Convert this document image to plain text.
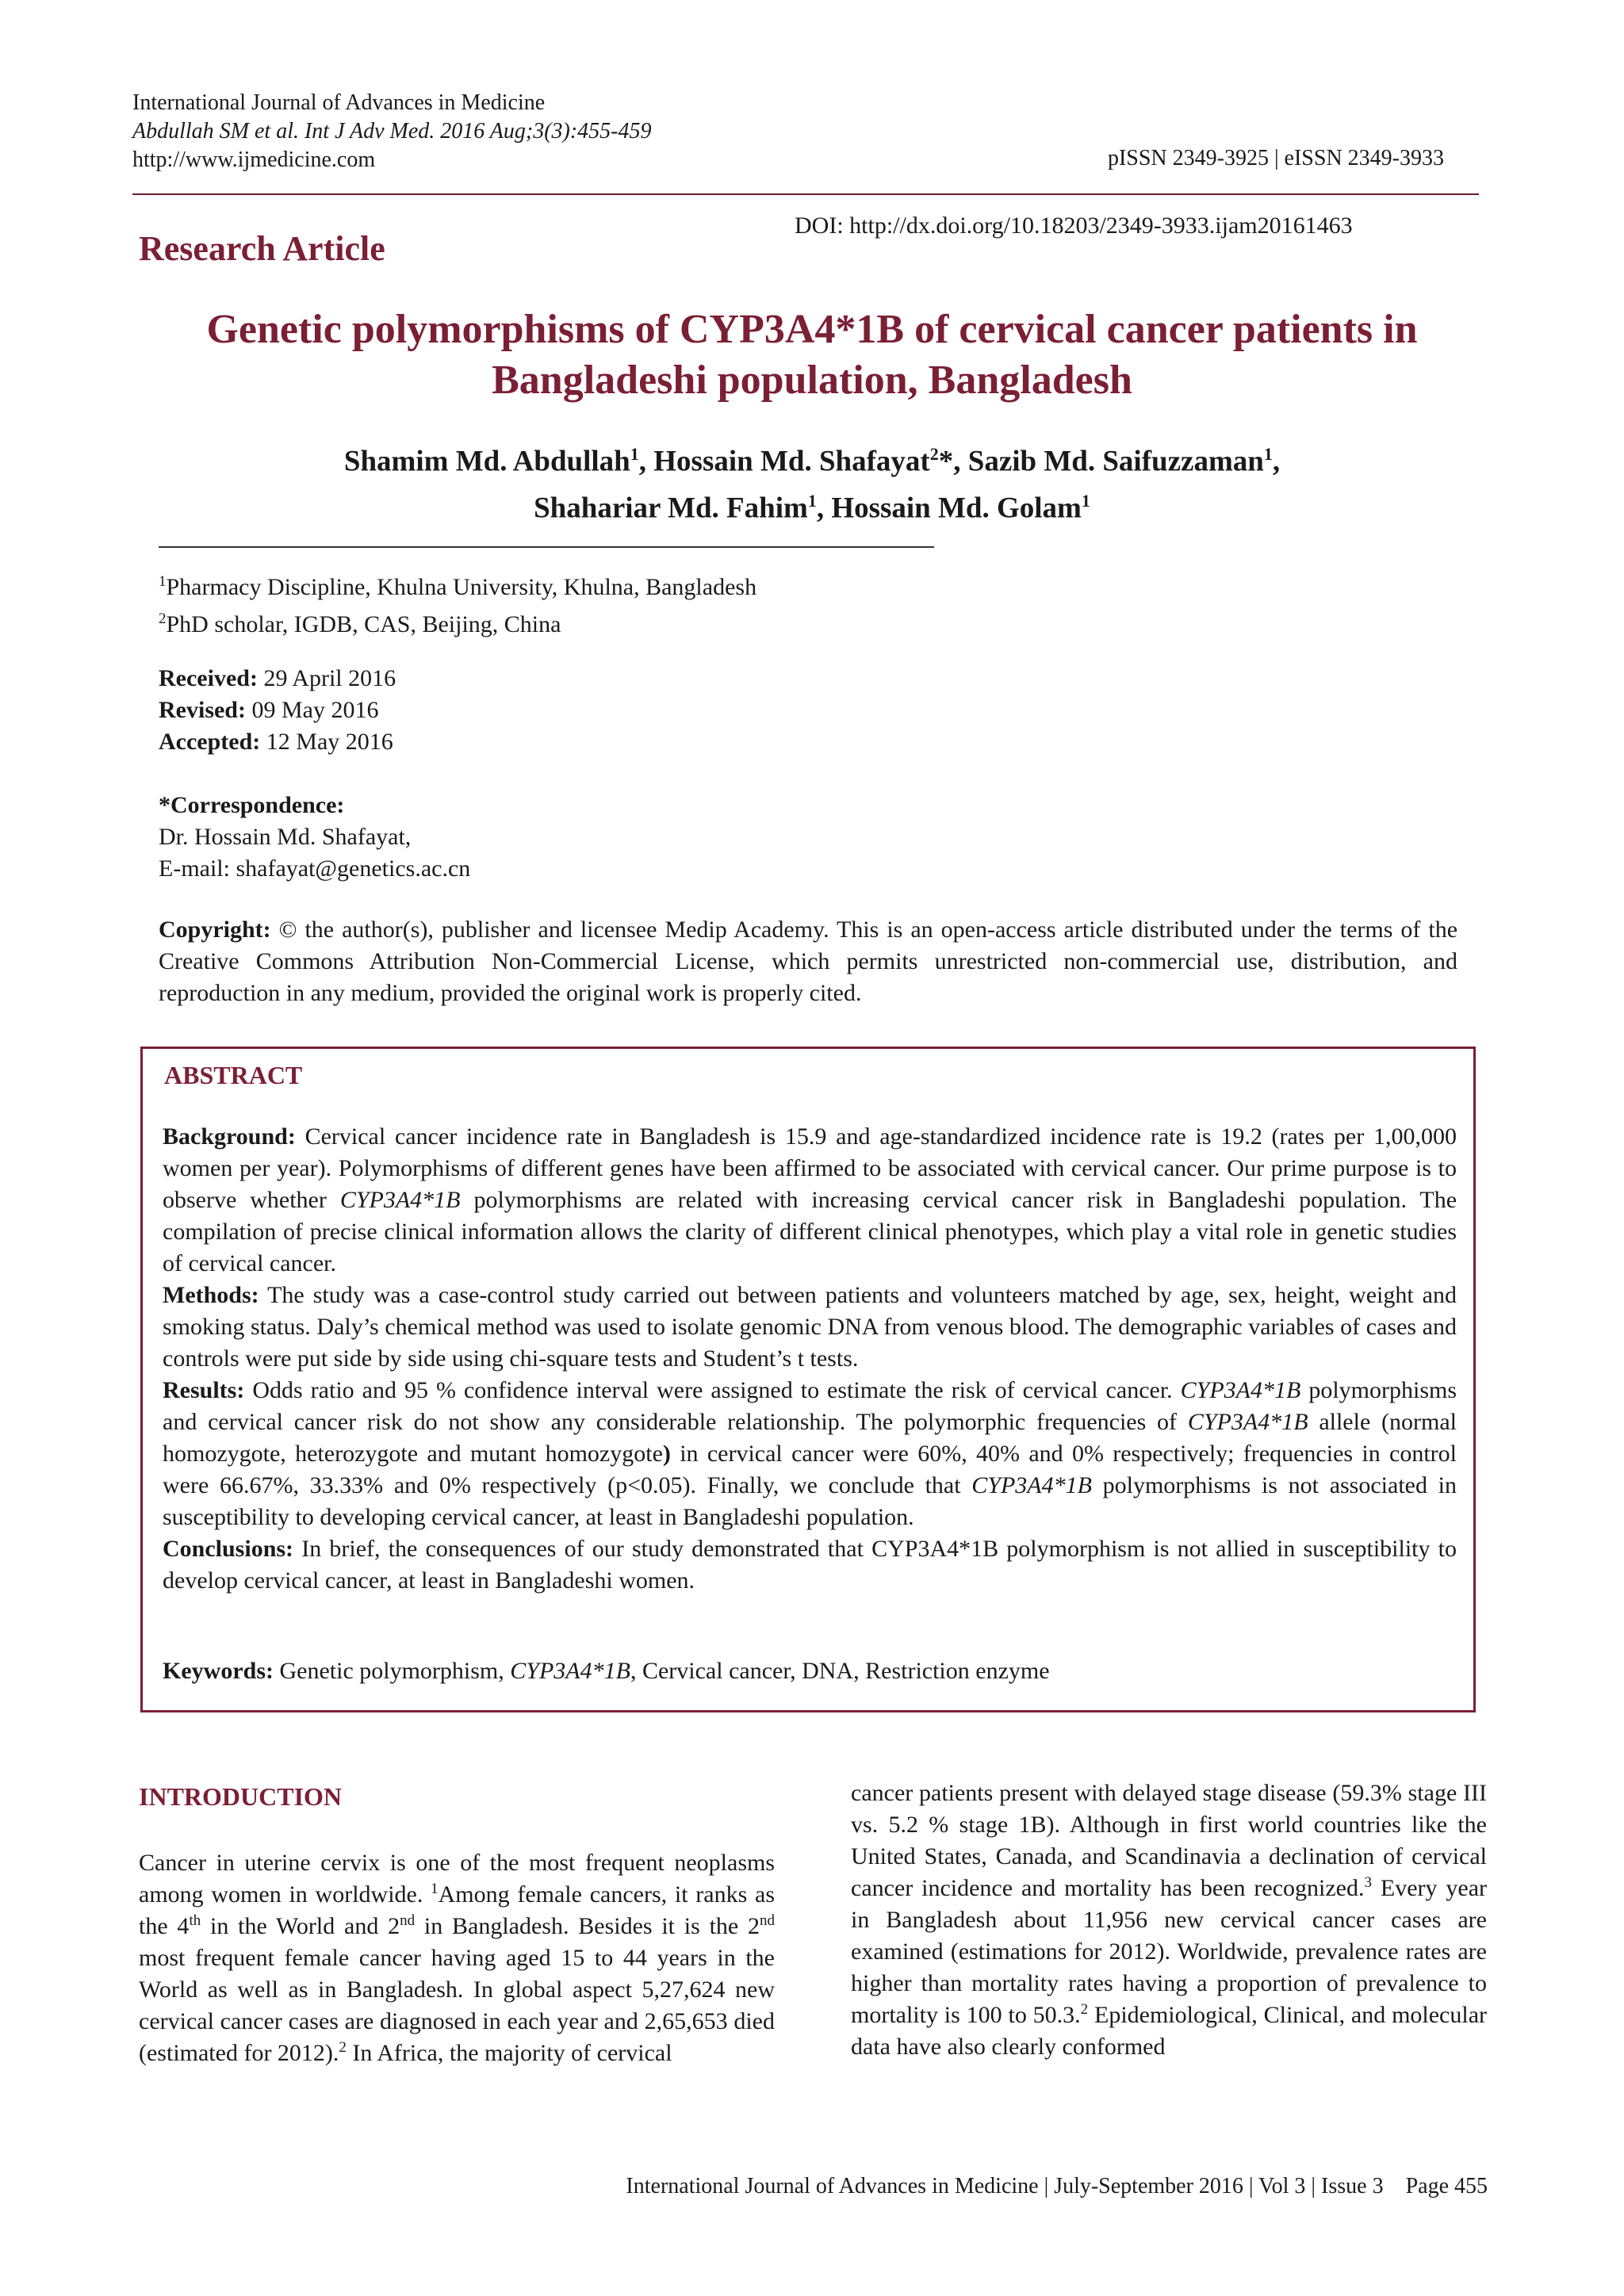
International Journal of Advances in Medicine
Abdullah SM et al. Int J Adv Med. 2016 Aug;3(3):455-459
http://www.ijmedicine.com	pISSN 2349-3925 | eISSN 2349-3933
DOI: http://dx.doi.org/10.18203/2349-3933.ijam20161463
Research Article
Genetic polymorphisms of CYP3A4*1B of cervical cancer patients in
Bangladeshi population, Bangladesh
Shamim Md. Abdullah$^1$, Hossain Md. Shafayat$^2$*, Sazib Md. Saifuzzaman$^1$,
Shahariar Md. Fahim$^1$, Hossain Md. Golam$^1$
$^1$Pharmacy Discipline, Khulna University, Khulna, Bangladesh
$^2$PhD scholar, IGDB, CAS, Beijing, China
Received: 29 April 2016
Revised: 09 May 2016
Accepted: 12 May 2016
*Correspondence:
Dr. Hossain Md. Shafayat,
E-mail: shafayat@genetics.ac.cn
Copyright: © the author(s), publisher and licensee Medip Academy. This is an open-access article distributed under the terms of the Creative Commons Attribution Non-Commercial License, which permits unrestricted non-commercial use, distribution, and reproduction in any medium, provided the original work is properly cited.
ABSTRACT

Background: Cervical cancer incidence rate in Bangladesh is 15.9 and age-standardized incidence rate is 19.2 (rates per 1,00,000 women per year). Polymorphisms of different genes have been affirmed to be associated with cervical cancer. Our prime purpose is to observe whether CYP3A4*1B polymorphisms are related with increasing cervical cancer risk in Bangladeshi population. The compilation of precise clinical information allows the clarity of different clinical phenotypes, which play a vital role in genetic studies of cervical cancer.

Methods: The study was a case-control study carried out between patients and volunteers matched by age, sex, height, weight and smoking status. Daly’s chemical method was used to isolate genomic DNA from venous blood. The demographic variables of cases and controls were put side by side using chi-square tests and Student’s t tests.

Results: Odds ratio and 95 % confidence interval were assigned to estimate the risk of cervical cancer. CYP3A4*1B polymorphisms and cervical cancer risk do not show any considerable relationship. The polymorphic frequencies of CYP3A4*1B allele (normal homozygote, heterozygote and mutant homozygote) in cervical cancer were 60%, 40% and 0% respectively; frequencies in control were 66.67%, 33.33% and 0% respectively (p<0.05). Finally, we conclude that CYP3A4*1B polymorphisms is not associated in susceptibility to developing cervical cancer, at least in Bangladeshi population.

Conclusions: In brief, the consequences of our study demonstrated that CYP3A4*1B polymorphism is not allied in susceptibility to develop cervical cancer, at least in Bangladeshi women.

Keywords: Genetic polymorphism, CYP3A4*1B, Cervical cancer, DNA, Restriction enzyme
INTRODUCTION
Cancer in uterine cervix is one of the most frequent neoplasms among women in worldwide. $^1$Among female cancers, it ranks as the 4th in the World and 2nd in Bangladesh. Besides it is the 2nd most frequent female cancer having aged 15 to 44 years in the World as well as in Bangladesh. In global aspect 5,27,624 new cervical cancer cases are diagnosed in each year and 2,65,653 died (estimated for 2012).$^2$ In Africa, the majority of cervical
cancer patients present with delayed stage disease (59.3% stage III vs. 5.2 % stage 1B). Although in first world countries like the United States, Canada, and Scandinavia a declination of cervical cancer incidence and mortality has been recognized.$^3$ Every year in Bangladesh about 11,956 new cervical cancer cases are examined (estimations for 2012). Worldwide, prevalence rates are higher than mortality rates having a proportion of prevalence to mortality is 100 to 50.3.$^2$ Epidemiological, Clinical, and molecular data have also clearly conformed
International Journal of Advances in Medicine | July-September 2016 | Vol 3 | Issue 3    Page 455
